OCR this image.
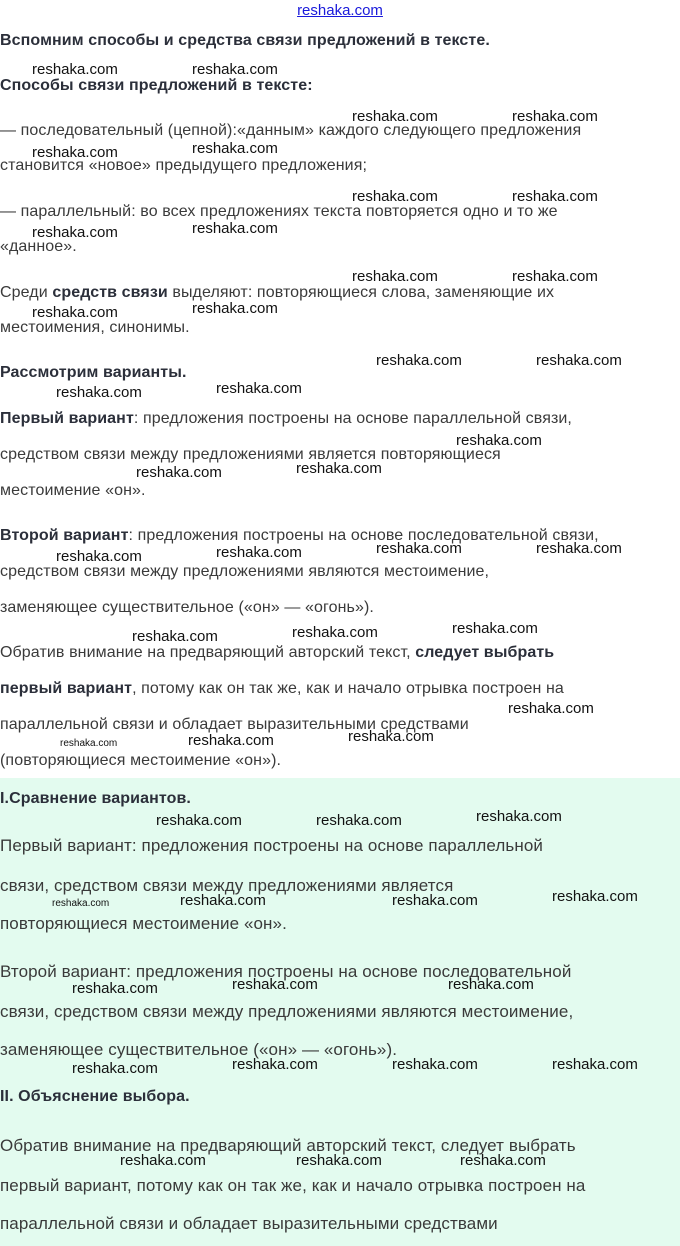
reshaka.com

Вспомним способы и средства связи предложений в тексте.

Способы связи предложений в тексте:

— последовательный (цепной):«данным» каждого следующего предложения

становится «новое» предыдущего предложения;

— параллельный: во всех предложениях текста повторяется одно и то же

«данное».

Среди средств связи выделяют: повторяющиеся слова, заменяющие их

местоимения, синонимы.

Рассмотрим варианты.

Первый вариант: предложения построены на основе параллельной связи,

средством связи между предложениями является повторяющиеся

местоимение «он».

Второй вариант: предложения построены на основе последовательной связи,

средством связи между предложениями являются местоимение,

заменяющее существительное («он» — «огонь»).

Обратив внимание на предваряющий авторский текст, следует выбрать

первый вариант, потому как он так же, как и начало отрывка построен на

параллельной связи и обладает выразительными средствами

(повторяющиеся местоимение «он»).

I.Сравнение вариантов.

Первый вариант: предложения построены на основе параллельной

связи, средством связи между предложениями является

повторяющиеся местоимение «он».

Второй вариант: предложения построены на основе последовательной

связи, средством связи между предложениями являются местоимение,

заменяющее существительное («он» — «огонь»).

II. Объяснение выбора.

Обратив внимание на предваряющий авторский текст, следует выбрать

первый вариант, потому как он так же, как и начало отрывка построен на

параллельной связи и обладает выразительными средствами

reshaka.com	reshaka.com
reshaka.com	reshaka.com
reshaka.com	reshaka.com
reshaka.com	reshaka.com
reshaka.com	reshaka.com
reshaka.com	reshaka.com
reshaka.com	reshaka.com
reshaka.com	reshaka.com
reshaka.com	reshaka.com
reshaka.com
reshaka.com	reshaka.com
reshaka.com	reshaka.com	reshaka.com	reshaka.com
reshaka.com	reshaka.com	reshaka.com
reshaka.com
reshaka.com	reshaka.com	reshaka.com
reshaka.com	reshaka.com	reshaka.com
reshaka.com	reshaka.com	reshaka.com	reshaka.com
reshaka.com	reshaka.com	reshaka.com
reshaka.com	reshaka.com	reshaka.com	reshaka.com
reshaka.com	reshaka.com	reshaka.com
